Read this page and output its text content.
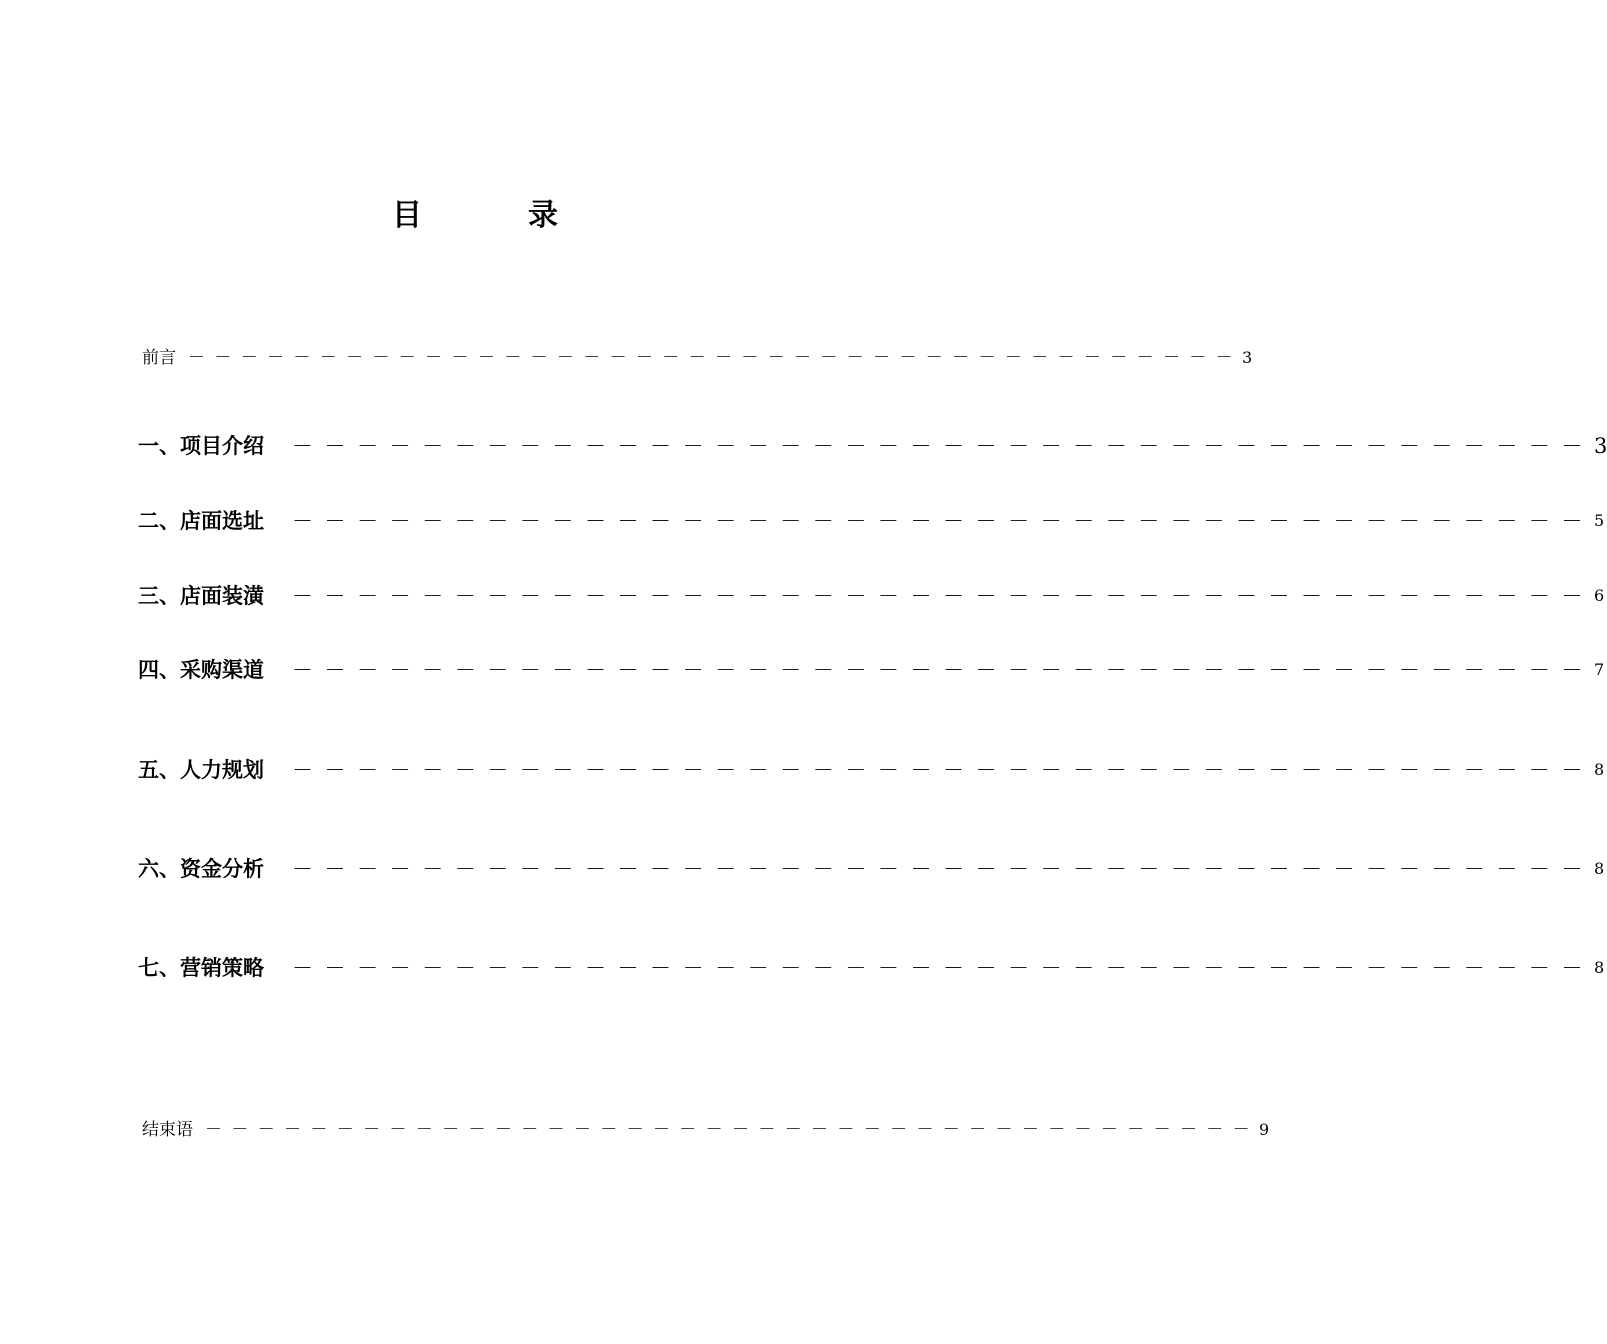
目　录
前言 －－－－－－－－－－－－－－－－－－－－－－－－－－－－－－－－－－－－－－－－ 3
一、项目介绍 －－－－－－－－－－－－－－－－－－－－－－－－－－－－－－－－－－－－－－－－ 3
二、店面选址 －－－－－－－－－－－－－－－－－－－－－－－－－－－－－－－－－－－－－－－－ 5
三、店面装潢 －－－－－－－－－－－－－－－－－－－－－－－－－－－－－－－－－－－－－－－－ 6
四、采购渠道 －－－－－－－－－－－－－－－－－－－－－－－－－－－－－－－－－－－－－－－－ 7
五、人力规划 －－－－－－－－－－－－－－－－－－－－－－－－－－－－－－－－－－－－－－－－ 8
六、资金分析 －－－－－－－－－－－－－－－－－－－－－－－－－－－－－－－－－－－－－－－－ 8
七、营销策略 －－－－－－－－－－－－－－－－－－－－－－－－－－－－－－－－－－－－－－－－ 8
结束语 －－－－－－－－－－－－－－－－－－－－－－－－－－－－－－－－－－－－－－－－ 9
